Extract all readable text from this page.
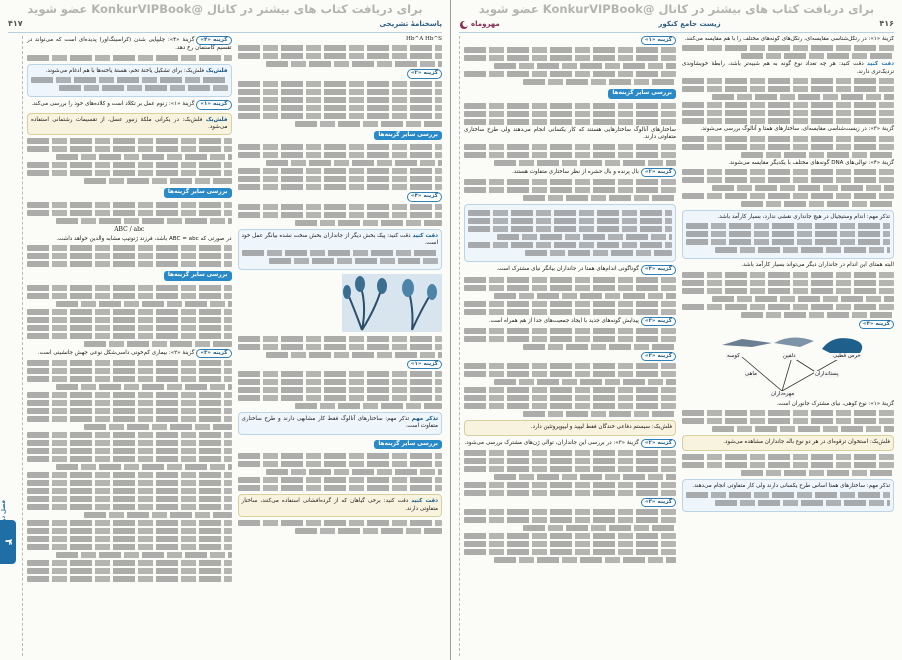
برای دریافت کتاب های بیشتر در کانال @KonkurVIPBook عضو شوید
۴۱۷	پاسخنامهٔ تشریحی
۴
فصل دوازدهم
گزینه «۴»گزینهٔ «۴»: چلیپایی شدن (کراسینگ‌اور) پدیده‌ای است که می‌تواند در تقسیم کاستمان رخ دهد.
فلش‌بک فلش‌بک: برای تشکیل یاختهٔ تخم، هستهٔ یاخته‌ها با هم ادغام می‌شوند.
گزینه «۱»گزینهٔ «۱»: زنوم عمل بر تکلاد است و کلاده‌های خود را بررسی می‌کند.
فلش‌بک فلش‌بک: در یکرانی ملکهٔ زنبور عسل، از تقسیمات رشتمانی استفاده می‌شود.
بررسی سایر گزینه‌ها
ABC / abc
در صورتی که ABC = abc باشد، فرزند ژنوتیپ مشابه والدین خواهد داشت.
بررسی سایر گزینه‌ها
گزینه «۳»گزینهٔ «۲»: بیماری کم‌خونی داسی‌شکل نوعی جهش جانشینی است.
Hb^A Hb^S
گزینه «۲»
بررسی سایر گزینه‌ها
گزینه «۴»
دقت کنید دقت کنید: پیک بخش دیگر از جانداران بخش سخت نشده بیانگر عمل خود است.
گزینه «۱»
تذکر مهم تذکر مهم: ساختارهای آنالوگ فقط کار مشابهی دارند و طرح ساختاری متفاوت است.
بررسی سایر گزینه‌ها
دقت کنید دقت کنید: برخی گیاهان که از گرده‌افشانی استفاده می‌کنند، ساختار متفاوتی دارند.
برای دریافت کتاب های بیشتر در کانال @KonkurVIPBook عضو شوید
مهروماه	زیست جامع کنکور	۴۱۶
گزینه «۱»
بررسی سایر گزینه‌ها
ساختارهای آنالوگ ساختارهایی هستند که کار یکسانی انجام می‌دهند ولی طرح ساختاری متفاوتی دارند.
گزینه «۲»بال پرنده و بال حشره از نظر ساختاری متفاوت هستند.
گزینه «۴»گوناگونی اندام‌های همتا در جانداران بیانگر نیای مشترک است.
گزینه «۳»پیدایش گونه‌های جدید با ایجاد جمعیت‌های جدا از هم همراه است.
گزینه «۳»
فلش‌بک: سیستم‌ دفاعی خندگان فقط لیپید و لیپوپروتئین دارد.
گزینه «۲»گزینهٔ «۳»: در بررسی این جانداران، توالی ژن‌های مشترک بررسی می‌شود.
گزینه «۳»
گزینهٔ «۱»: در رتگل‌شناسی مقایسه‌ای، رتگل‌های گونه‌های مختلف را با هم مقایسه می‌کنند.
دقت کنید دقت کنید: هر چه تعداد نوع گونه به هم شبیه‌تر باشد، رابطهٔ خویشاوندی نزدیک‌تری دارند.
گزینهٔ «۳»: در زیست‌شناسی مقایسه‌ای، ساختارهای همتا و آنالوگ بررسی می‌شوند.
گزینهٔ «۴»: توالی‌های DNA گونه‌های مختلف با یکدیگر مقایسه می‌شوند.
تذکر مهم: اندام وستیجیال در هیچ جانداری نقشی ندارد، بسیار کارآمد باشد.
البته همتای این اندام در جانداران دیگر می‌تواند بسیار کارآمد باشد.
گزینه «۴»
کوسه	دلفین	خرس قطبی
ماهی	پستانداران
مهره‌داران
گزینهٔ «۱»: نوع کوهی، نیای مشترک جانوران است.
فلش‌بک: استخوان ترقوه‌ای در هر دو نوع باله جانداران مشاهده می‌شود.
تذکر مهم: ساختارهای همتا اساس طرح یکسانی دارند ولی کار متفاوتی انجام می‌دهند.
